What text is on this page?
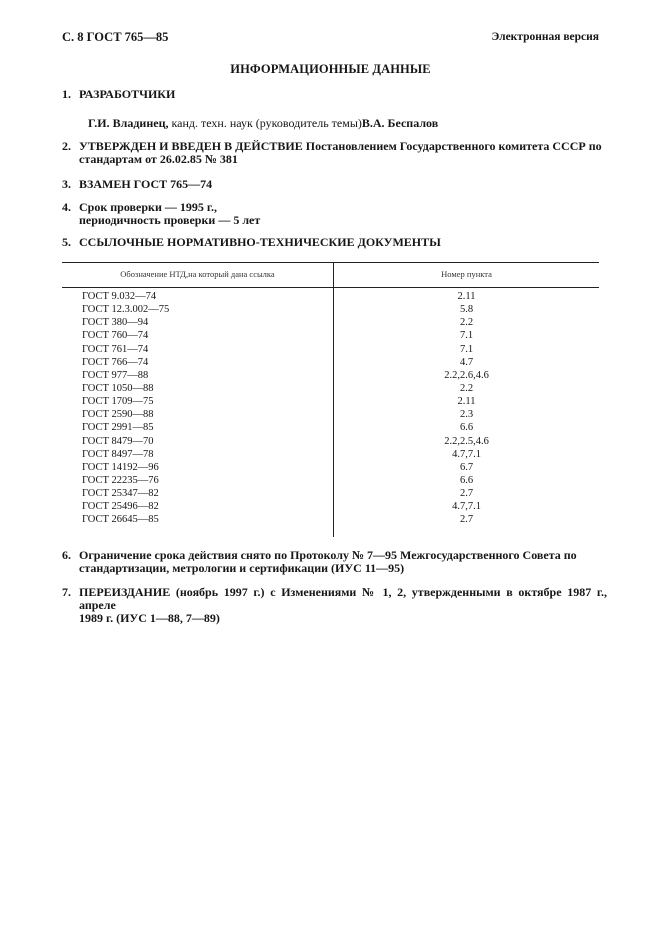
С. 8 ГОСТ 765—85	Электронная версия
ИНФОРМАЦИОННЫЕ ДАННЫЕ
1. РАЗРАБОТЧИКИ
Г.И. Владинец, канд. техн. наук (руководитель темы)В.А. Беспалов
2. УТВЕРЖДЕН И ВВЕДЕН В ДЕЙСТВИЕ Постановлением Государственного комитета СССР по
стандартам от 26.02.85 № 381
3. ВЗАМЕН ГОСТ 765—74
4. Срок проверки — 1995 г.,
периодичность проверки — 5 лет
5. ССЫЛОЧНЫЕ НОРМАТИВНО-ТЕХНИЧЕСКИЕ ДОКУМЕНТЫ
Обозначение НТД,на который дана ссылка	Номер пункта
ГОСТ 9.032—74	2.11
ГОСТ 12.3.002—75	5.8
ГОСТ 380—94	2.2
ГОСТ 760—74	7.1
ГОСТ 761—74	7.1
ГОСТ 766—74	4.7
ГОСТ 977—88	2.2,2.6,4.6
ГОСТ 1050—88	2.2
ГОСТ 1709—75	2.11
ГОСТ 2590—88	2.3
ГОСТ 2991—85	6.6
ГОСТ 8479—70	2.2,2.5,4.6
ГОСТ 8497—78	4.7,7.1
ГОСТ 14192—96	6.7
ГОСТ 22235—76	6.6
ГОСТ 25347—82	2.7
ГОСТ 25496—82	4.7,7.1
ГОСТ 26645—85	2.7
6. Ограничение срока действия снято по Протоколу № 7—95 Межгосударственного Совета по
стандартизации, метрологии и сертификации (ИУС 11—95)
7. ПЕРЕИЗДАНИЕ (ноябрь 1997 г.) с Изменениями № 1, 2, утвержденными в октябре 1987 г., апреле
1989 г. (ИУС 1—88, 7—89)
